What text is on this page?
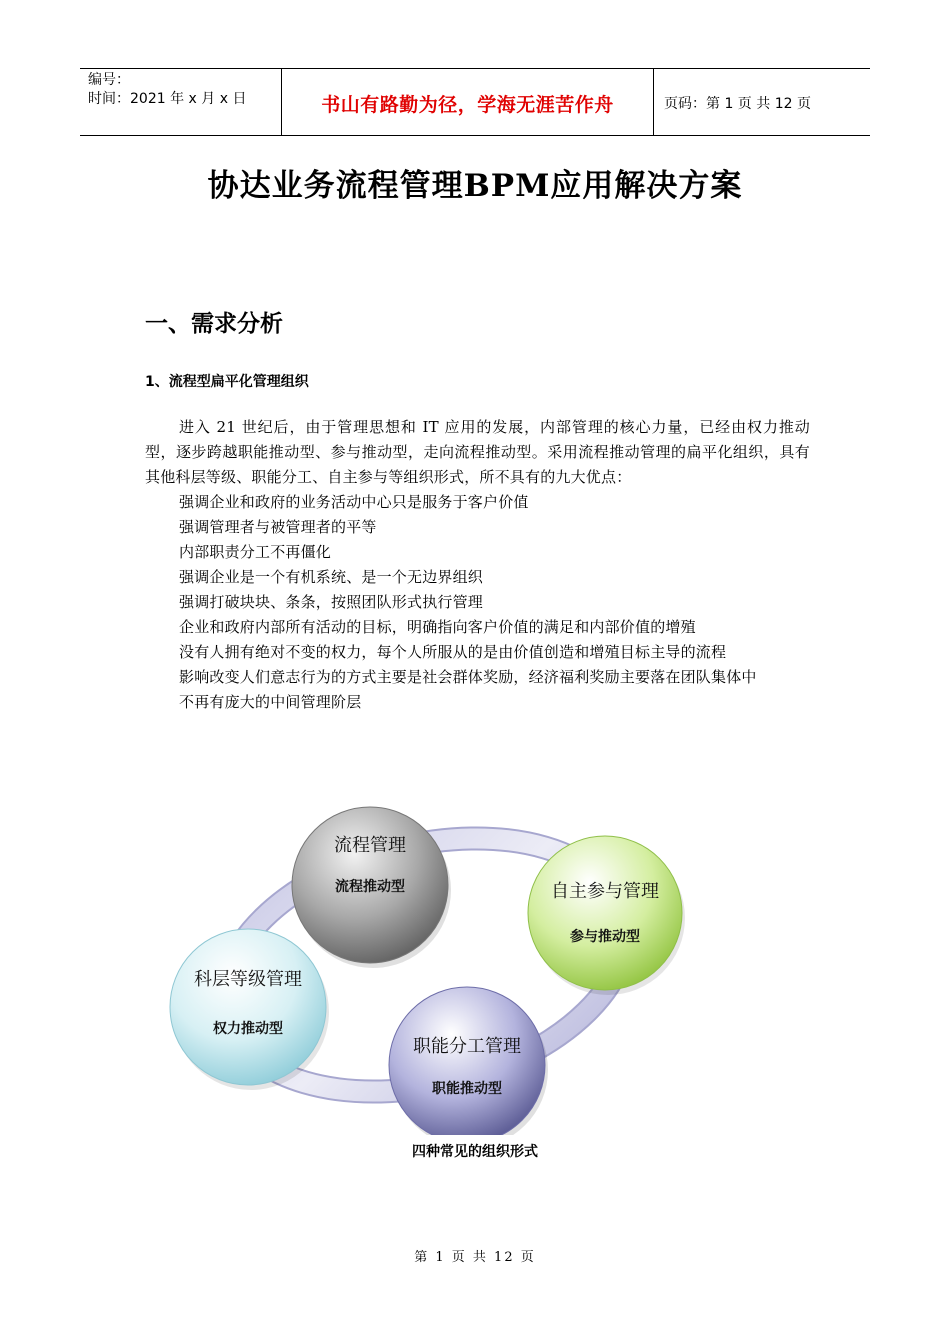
编号：
时间：2021 年 x 月 x 日	书山有路勤为径，学海无涯苦作舟	页码：第 1 页 共 12 页
协达业务流程管理BPM应用解决方案
一、需求分析
1、流程型扁平化管理组织

进入 21 世纪后，由于管理思想和 IT 应用的发展，内部管理的核心力量，已经由权力推动型，逐步跨越职能推动型、参与推动型，走向流程推动型。采用流程推动管理的扁平化组织，具有其他科层等级、职能分工、自主参与等组织形式，所不具有的九大优点：

强调企业和政府的业务活动中心只是服务于客户价值

强调管理者与被管理者的平等

内部职责分工不再僵化

强调企业是一个有机系统、是一个无边界组织

强调打破块块、条条，按照团队形式执行管理

企业和政府内部所有活动的目标，明确指向客户价值的满足和内部价值的增殖

没有人拥有绝对不变的权力，每个人所服从的是由价值创造和增殖目标主导的流程

影响改变人们意志行为的方式主要是社会群体奖励，经济福利奖励主要落在团队集体中

不再有庞大的中间管理阶层

流程管理
流程推动型	自主参与管理
参与推动型
科层等级管理
权力推动型
职能分工管理
职能推动型
四种常见的组织形式
第 1 页 共 12 页
